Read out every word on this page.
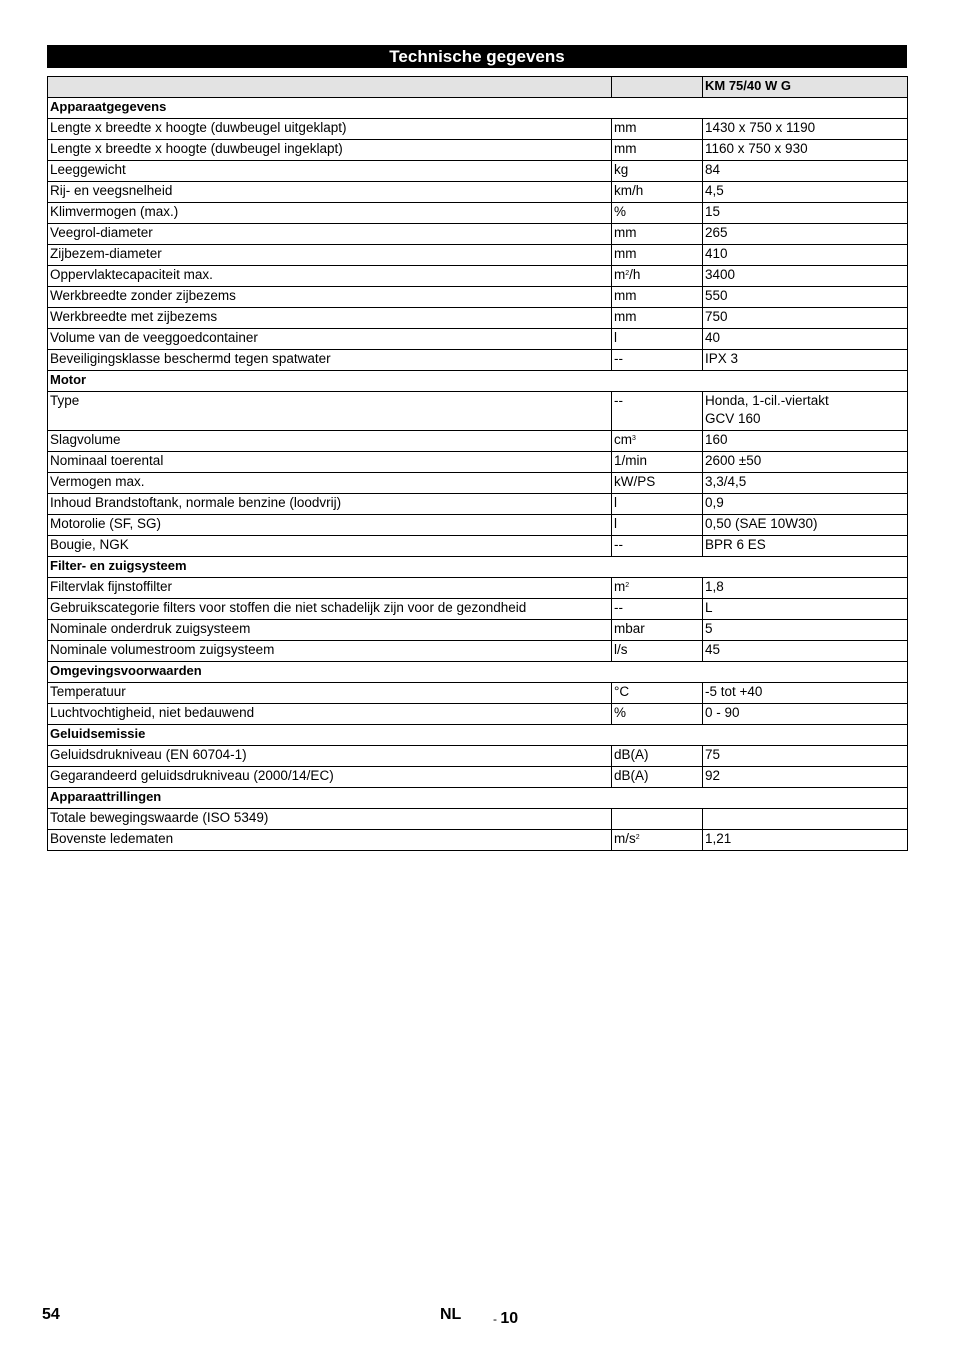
Technische gegevens
		KM 75/40 W G
Apparaatgegevens		
Lengte x breedte x hoogte (duwbeugel uitgeklapt)	mm	1430 x 750 x 1190

Lengte x breedte x hoogte (duwbeugel ingeklapt)	mm	1160 x 750 x 930

Leeggewicht	kg	84

Rij- en veegsnelheid	km/h	4,5

Klimvermogen (max.)	%	15

Veegrol-diameter	mm	265

Zijbezem-diameter	mm	410

Oppervlaktecapaciteit max.	$m^2/h$	3400

Werkbreedte zonder zijbezems	mm	550

Werkbreedte met zijbezems	mm	750

Volume van de veeggoedcontainer	l	40

Beveiligingsklasse beschermd tegen spatwater	--	IPX 3

Motor		
Type	--	Honda, 1-cil.-viertakt
GCV 160

Slagvolume	$cm^3$	160

Nominaal toerental	1/min	2600 ±50

Vermogen max.	kW/PS	3,3/4,5

Inhoud Brandstoftank, normale benzine (loodvrij)	l	0,9

Motorolie (SF, SG)	l	0,50 (SAE 10W30)

Bougie, NGK	--	BPR 6 ES

Filter- en zuigsysteem		
Filtervlak fijnstoffilter	$m^2$	1,8

Gebruikscategorie filters voor stoffen die niet schadelijk zijn voor de gezondheid	--	L

Nominale onderdruk zuigsysteem	mbar	5

Nominale volumestroom zuigsysteem	l/s	45

Omgevingsvoorwaarden		
Temperatuur	°C	-5 tot +40

Luchtvochtigheid, niet bedauwend	%	0 - 90

Geluidsemissie		
Geluidsdrukniveau (EN 60704-1)	dB(A)	75

Gegarandeerd geluidsdrukniveau (2000/14/EC)	dB(A)	92

Apparaattrillingen		
Totale bewegingswaarde (ISO 5349)		

Bovenste ledematen	$m/s^2$	1,21
54	NL	- 10
